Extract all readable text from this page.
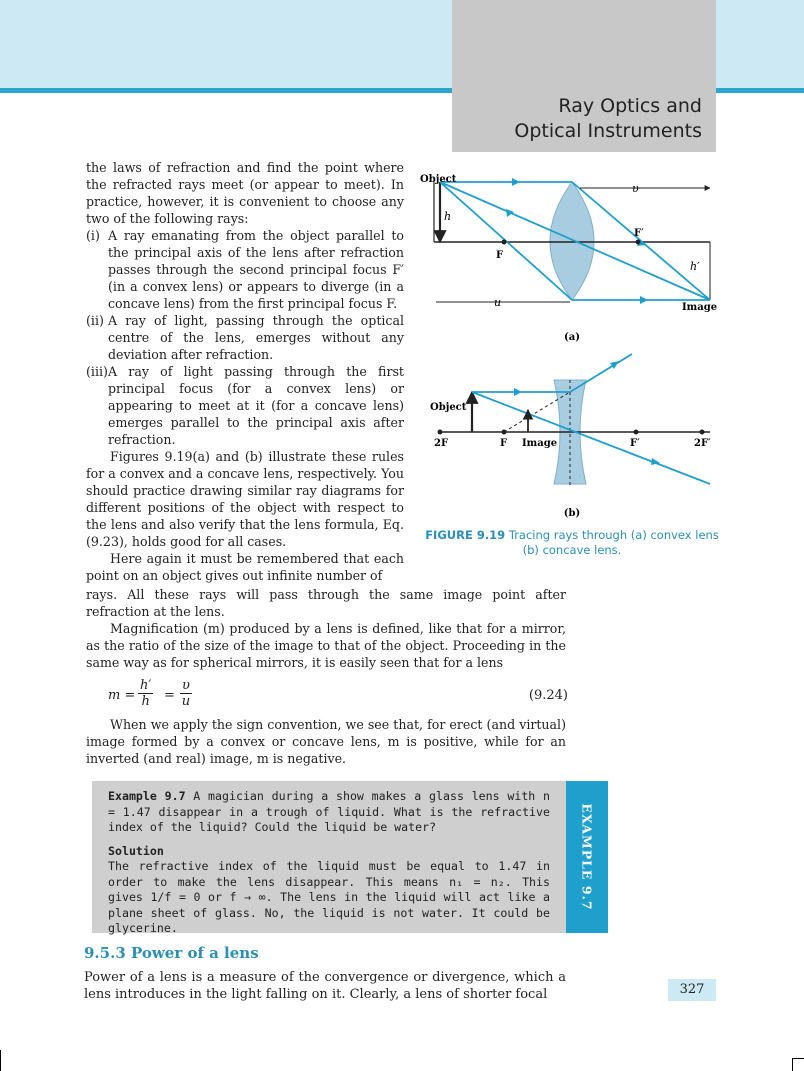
Ray Optics and
Optical Instruments

the laws of refraction and find the point where the refracted rays meet (or appear to meet). In practice, however, it is convenient to choose any two of the following rays:

(i) A ray emanating from the object parallel to the principal axis of the lens after refraction passes through the second principal focus F′ (in a convex lens) or appears to diverge (in a concave lens) from the first principal focus F.
(ii) A ray of light, passing through the optical centre of the lens, emerges without any deviation after refraction.
(iii) A ray of light passing through the first principal focus (for a convex lens) or appearing to meet at it (for a concave lens) emerges parallel to the principal axis after refraction.

Figures 9.19(a) and (b) illustrate these rules for a convex and a concave lens, respectively. You should practice drawing similar ray diagrams for different positions of the object with respect to the lens and also verify that the lens formula, Eq. (9.23), holds good for all cases.

Here again it must be remembered that each point on an object gives out infinite number of

rays. All these rays will pass through the same image point after refraction at the lens.

Magnification (m) produced by a lens is defined, like that for a mirror, as the ratio of the size of the image to that of the object. Proceeding in the same way as for spherical mirrors, it is easily seen that for a lens

$m = \frac{h'}{h} = \frac{\upsilon}{u}$	(9.24)

When we apply the sign convention, we see that, for erect (and virtual) image formed by a convex or concave lens, m is positive, while for an inverted (and real) image, m is negative.

Object
h
F
F′
h′
Image
u
υ
(a)
Object
2F	F Image	F′	2F′
(b)
FIGURE 9.19 Tracing rays through (a) convex lens (b) concave lens.
EXAMPLE 9.7

Example 9.7 A magician during a show makes a glass lens with n = 1.47 disappear in a trough of liquid. What is the refractive index of the liquid? Could the liquid be water?

Solution

The refractive index of the liquid must be equal to 1.47 in order to make the lens disappear. This means n₁ = n₂. This gives 1/f = 0 or f → ∞. The lens in the liquid will act like a plane sheet of glass. No, the liquid is not water. It could be glycerine.

9.5.3 Power of a lens

Power of a lens is a measure of the convergence or divergence, which a lens introduces in the light falling on it. Clearly, a lens of shorter focal	327
